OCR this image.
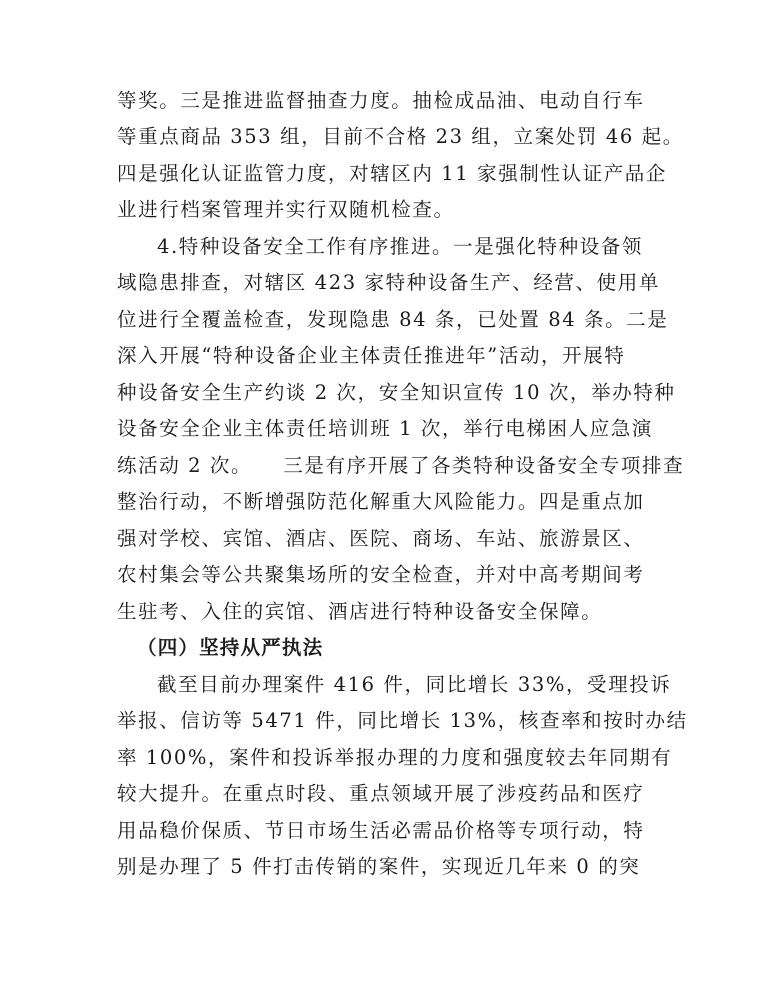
等奖。三是推进监督抽查力度。抽检成品油、电动自行车
等重点商品 353 组，目前不合格 23 组，立案处罚 46 起。
四是强化认证监管力度，对辖区内 11 家强制性认证产品企
业进行档案管理并实行双随机检查。
4.特种设备安全工作有序推进。一是强化特种设备领
域隐患排查，对辖区 423 家特种设备生产、经营、使用单
位进行全覆盖检查，发现隐患 84 条，已处置 84 条。二是
深入开展“特种设备企业主体责任推进年”活动，开展特
种设备安全生产约谈 2 次，安全知识宣传 10 次，举办特种
设备安全企业主体责任培训班 1 次，举行电梯困人应急演
练活动 2 次。    三是有序开展了各类特种设备安全专项排查
整治行动，不断增强防范化解重大风险能力。四是重点加
强对学校、宾馆、酒店、医院、商场、车站、旅游景区、
农村集会等公共聚集场所的安全检查，并对中高考期间考
生驻考、入住的宾馆、酒店进行特种设备安全保障。
（四）坚持从严执法
截至目前办理案件 416 件，同比增长 33%，受理投诉
举报、信访等 5471 件，同比增长 13%，核查率和按时办结
率 100%，案件和投诉举报办理的力度和强度较去年同期有
较大提升。在重点时段、重点领域开展了涉疫药品和医疗
用品稳价保质、节日市场生活必需品价格等专项行动，特
别是办理了 5 件打击传销的案件，实现近几年来 0 的突
